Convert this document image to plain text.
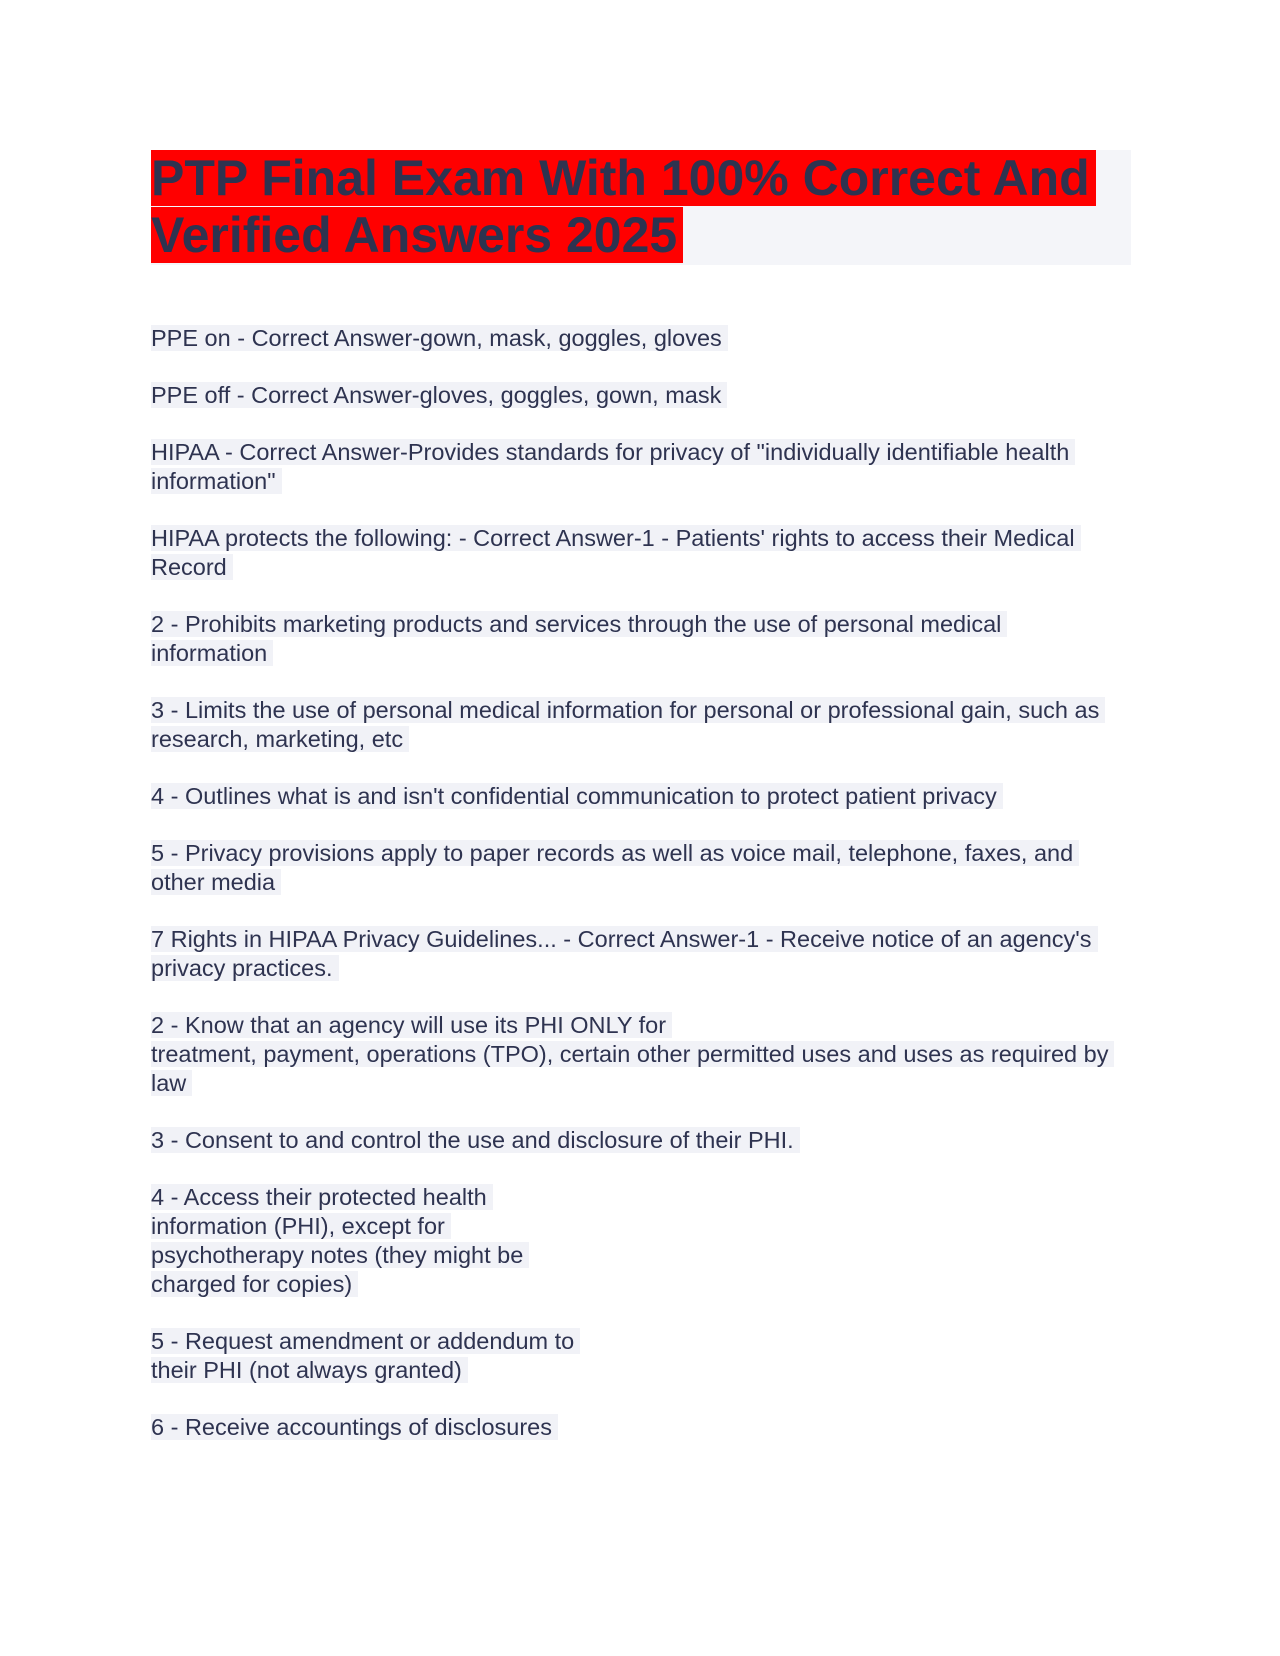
PTP Final Exam With 100% Correct And
Verified Answers 2025

PPE on - Correct Answer-gown, mask, goggles, gloves

PPE off - Correct Answer-gloves, goggles, gown, mask

HIPAA - Correct Answer-Provides standards for privacy of "individually identifiable health information"

HIPAA protects the following: - Correct Answer-1 - Patients' rights to access their Medical Record

2 - Prohibits marketing products and services through the use of personal medical information

3 - Limits the use of personal medical information for personal or professional gain, such as research, marketing, etc

4 - Outlines what is and isn't confidential communication to protect patient privacy

5 - Privacy provisions apply to paper records as well as voice mail, telephone, faxes, and other media

7 Rights in HIPAA Privacy Guidelines... - Correct Answer-1 - Receive notice of an agency's privacy practices.

2 - Know that an agency will use its PHI ONLY for
treatment, payment, operations (TPO), certain other permitted uses and uses as required by law

3 - Consent to and control the use and disclosure of their PHI.

4 - Access their protected health
information (PHI), except for
psychotherapy notes (they might be
charged for copies)

5 - Request amendment or addendum to
their PHI (not always granted)

6 - Receive accountings of disclosures
